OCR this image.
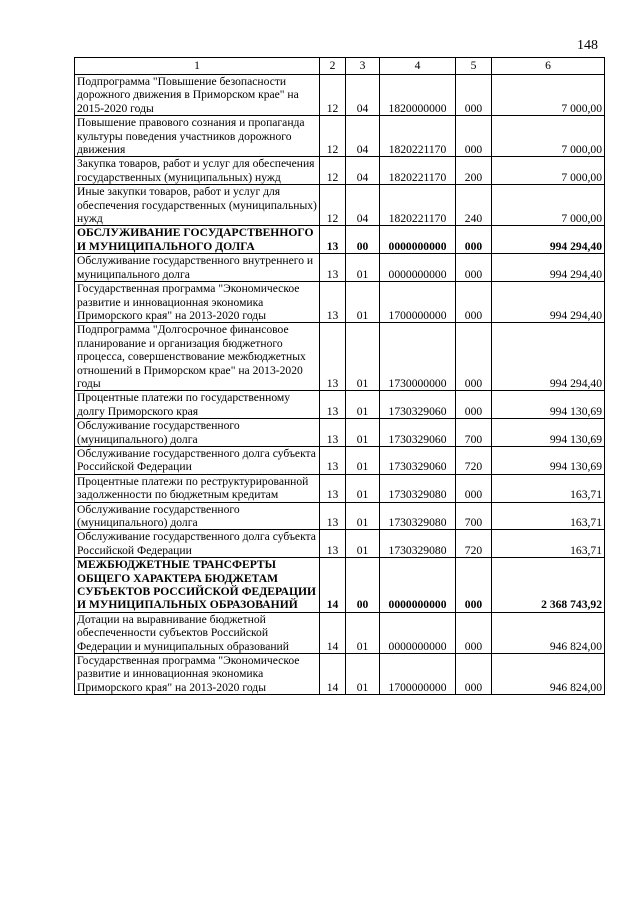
148
1	2	3	4	5	6
Подпрограмма "Повышение безопасности дорожного движения в Приморском крае" на 2015-2020 годы	12	04	1820000000	000	7 000,00
Повышение правового сознания и пропаганда культуры поведения участников дорожного движения	12	04	1820221170	000	7 000,00
Закупка товаров, работ и услуг для обеспечения государственных (муниципальных) нужд	12	04	1820221170	200	7 000,00
Иные закупки товаров, работ и услуг для обеспечения государственных (муниципальных) нужд	12	04	1820221170	240	7 000,00
ОБСЛУЖИВАНИЕ ГОСУДАРСТВЕННОГО И МУНИЦИПАЛЬНОГО ДОЛГА	13	00	0000000000	000	994 294,40
Обслуживание государственного внутреннего и муниципального долга	13	01	0000000000	000	994 294,40
Государственная программа "Экономическое развитие и инновационная экономика Приморского края" на 2013-2020 годы	13	01	1700000000	000	994 294,40
Подпрограмма "Долгосрочное финансовое планирование и организация бюджетного процесса, совершенствование межбюджетных отношений в Приморском крае" на 2013-2020 годы	13	01	1730000000	000	994 294,40
Процентные платежи по государственному долгу Приморского края	13	01	1730329060	000	994 130,69
Обслуживание государственного (муниципального) долга	13	01	1730329060	700	994 130,69
Обслуживание государственного долга субъекта Российской Федерации	13	01	1730329060	720	994 130,69
Процентные платежи по реструктурированной задолженности по бюджетным кредитам	13	01	1730329080	000	163,71
Обслуживание государственного (муниципального) долга	13	01	1730329080	700	163,71
Обслуживание государственного долга субъекта Российской Федерации	13	01	1730329080	720	163,71
МЕЖБЮДЖЕТНЫЕ ТРАНСФЕРТЫ ОБЩЕГО ХАРАКТЕРА БЮДЖЕТАМ СУБЪЕКТОВ РОССИЙСКОЙ ФЕДЕРАЦИИ И МУНИЦИПАЛЬНЫХ ОБРАЗОВАНИЙ	14	00	0000000000	000	2 368 743,92
Дотации на выравнивание бюджетной обеспеченности субъектов Российской Федерации и муниципальных образований	14	01	0000000000	000	946 824,00
Государственная программа "Экономическое развитие и инновационная экономика Приморского края" на 2013-2020 годы	14	01	1700000000	000	946 824,00
